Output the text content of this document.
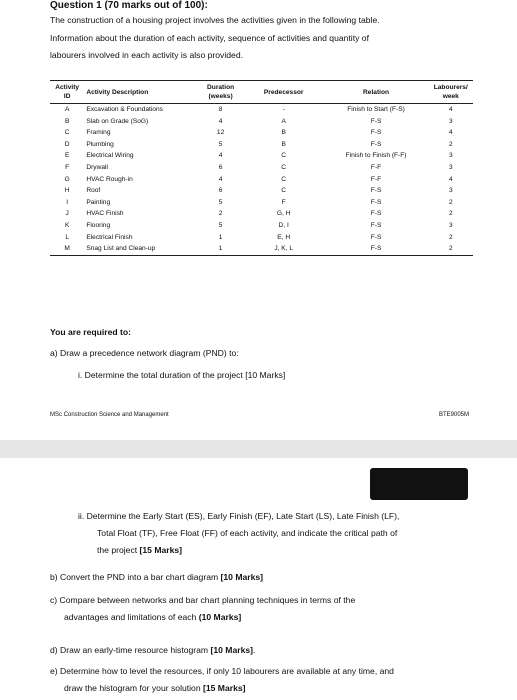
Question 1 (70 marks out of 100):
The construction of a housing project involves the activities given in the following table.
Information about the duration of each activity, sequence of activities and quantity of
labourers involved in each activity is also provided.
Activity ID	Activity Description	Duration (weeks)	Predecessor	Relation	Labourers/ week
A	Excavation & Foundations	8	-	Finish to Start (F-S)	4
B	Slab on Grade (SoG)	4	A	F-S	3
C	Framing	12	B	F-S	4
D	Plumbing	5	B	F-S	2
E	Electrical Wiring	4	C	Finish to Finish (F-F)	3
F	Drywall	6	C	F-F	3
G	HVAC Rough-in	4	C	F-F	4
H	Roof	6	C	F-S	3
I	Painting	5	F	F-S	2
J	HVAC Finish	2	G, H	F-S	2
K	Flooring	5	D, I	F-S	3
L	Electrical Finish	1	E, H	F-S	2
M	Snag List and Clean-up	1	J, K, L	F-S	2
You are required to:
a) Draw a precedence network diagram (PND) to:
i. Determine the total duration of the project [10 Marks]
MSc Construction Science and Management	BTE9005M
ii. Determine the Early Start (ES), Early Finish (EF), Late Start (LS), Late Finish (LF),
Total Float (TF), Free Float (FF) of each activity, and indicate the critical path of
the project [15 Marks]
b) Convert the PND into a bar chart diagram [10 Marks]
c) Compare between networks and bar chart planning techniques in terms of the
advantages and limitations of each (10 Marks]
d) Draw an early-time resource histogram [10 Marks].
e) Determine how to level the resources, if only 10 labourers are available at any time, and
draw the histogram for your solution [15 Marks]
